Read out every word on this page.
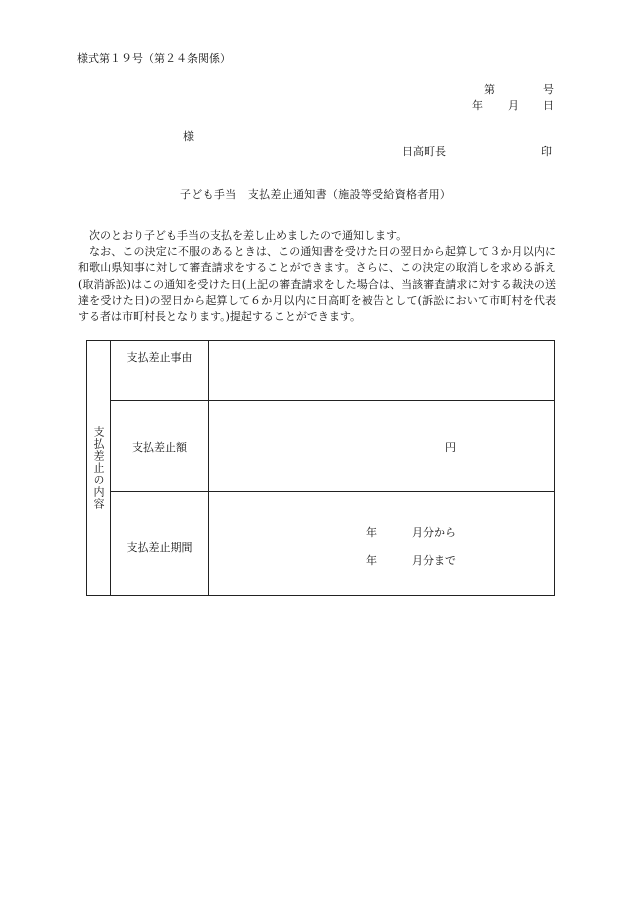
様式第１９号（第２４条関係）
第	号
年 月 日
様
日高町長	印
子ども手当　支払差止通知書（施設等受給資格者用）

次のとおり子ども手当の支払を差し止めましたので通知します。

なお、この決定に不服のあるときは、この通知書を受けた日の翌日から起算して３か月以内に和歌山県知事に対して審査請求をすることができます。さらに、この決定の取消しを求める訴え(取消訴訟)はこの通知を受けた日(上記の審査請求をした場合は、当該審査請求に対する裁決の送達を受けた日)の翌日から起算して６か月以内に日高町を被告として(訴訟において市町村を代表する者は市町村長となります。)提起することができます。

支払差止の内容
支払差止事由
支払差止額	円
支払差止期間
年	月分から
年	月分まで
